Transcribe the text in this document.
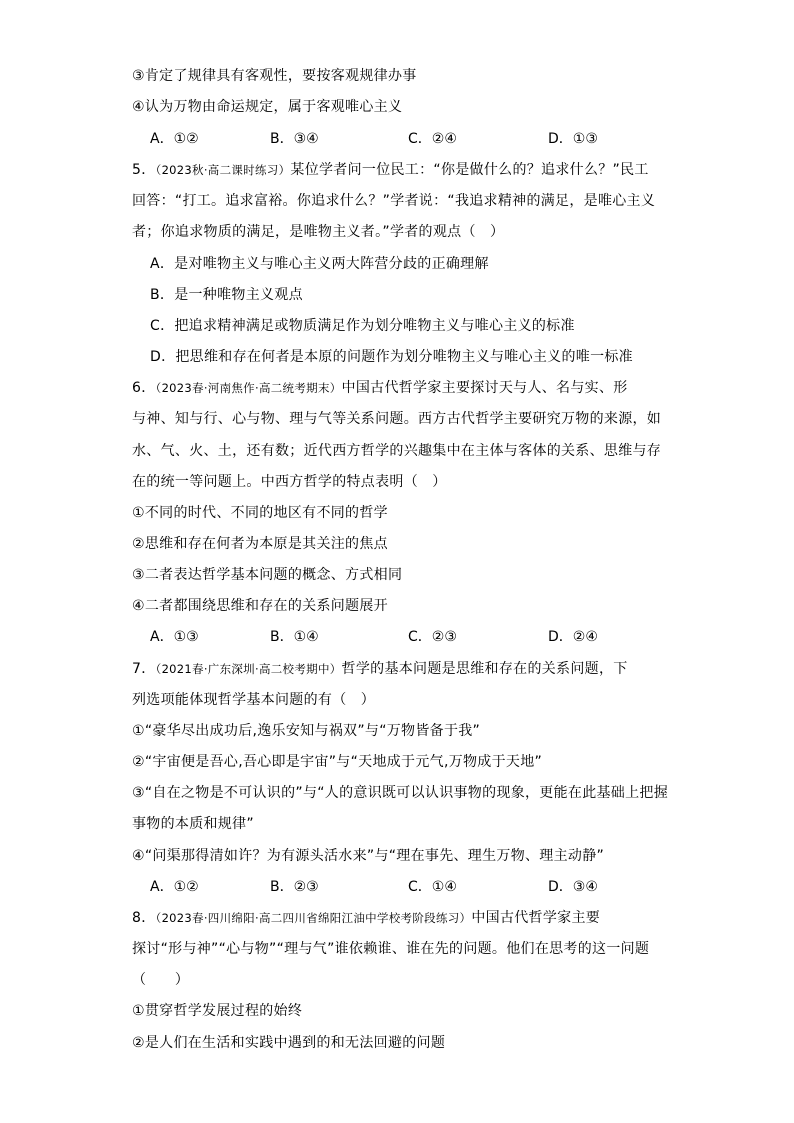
③肯定了规律具有客观性，要按客观规律办事
④认为万物由命运规定，属于客观唯心主义
A．①②	B．③④	C．②④	D．①③
5．（2023秋·高二课时练习）某位学者问一位民工：“你是做什么的？追求什么？”民工
回答：“打工。追求富裕。你追求什么？”学者说：“我追求精神的满足，是唯心主义
者；你追求物质的满足，是唯物主义者。”学者的观点（　）
A．是对唯物主义与唯心主义两大阵营分歧的正确理解
B．是一种唯物主义观点
C．把追求精神满足或物质满足作为划分唯物主义与唯心主义的标准
D．把思维和存在何者是本原的问题作为划分唯物主义与唯心主义的唯一标准
6．（2023春·河南焦作·高二统考期末）中国古代哲学家主要探讨天与人、名与实、形
与神、知与行、心与物、理与气等关系问题。西方古代哲学主要研究万物的来源，如
水、气、火、土，还有数；近代西方哲学的兴趣集中在主体与客体的关系、思维与存
在的统一等问题上。中西方哲学的特点表明（　）
①不同的时代、不同的地区有不同的哲学
②思维和存在何者为本原是其关注的焦点
③二者表达哲学基本问题的概念、方式相同
④二者都围绕思维和存在的关系问题展开
A．①③	B．①④	C．②③	D．②④
7．（2021春·广东深圳·高二校考期中）哲学的基本问题是思维和存在的关系问题，下
列选项能体现哲学基本问题的有（　）
①“豪华尽出成功后,逸乐安知与祸双”与“万物皆备于我”
②“宇宙便是吾心,吾心即是宇宙”与“天地成于元气,万物成于天地”
③“自在之物是不可认识的”与“人的意识既可以认识事物的现象，更能在此基础上把握
事物的本质和规律”
④“问渠那得清如许？为有源头活水来”与“理在事先、理生万物、理主动静”
A．①②	B．②③	C．①④	D．③④
8．（2023春·四川绵阳·高二四川省绵阳江油中学校考阶段练习）中国古代哲学家主要
探讨“形与神”“心与物”“理与气”谁依赖谁、谁在先的问题。他们在思考的这一问题
（　　）
①贯穿哲学发展过程的始终
②是人们在生活和实践中遇到的和无法回避的问题
